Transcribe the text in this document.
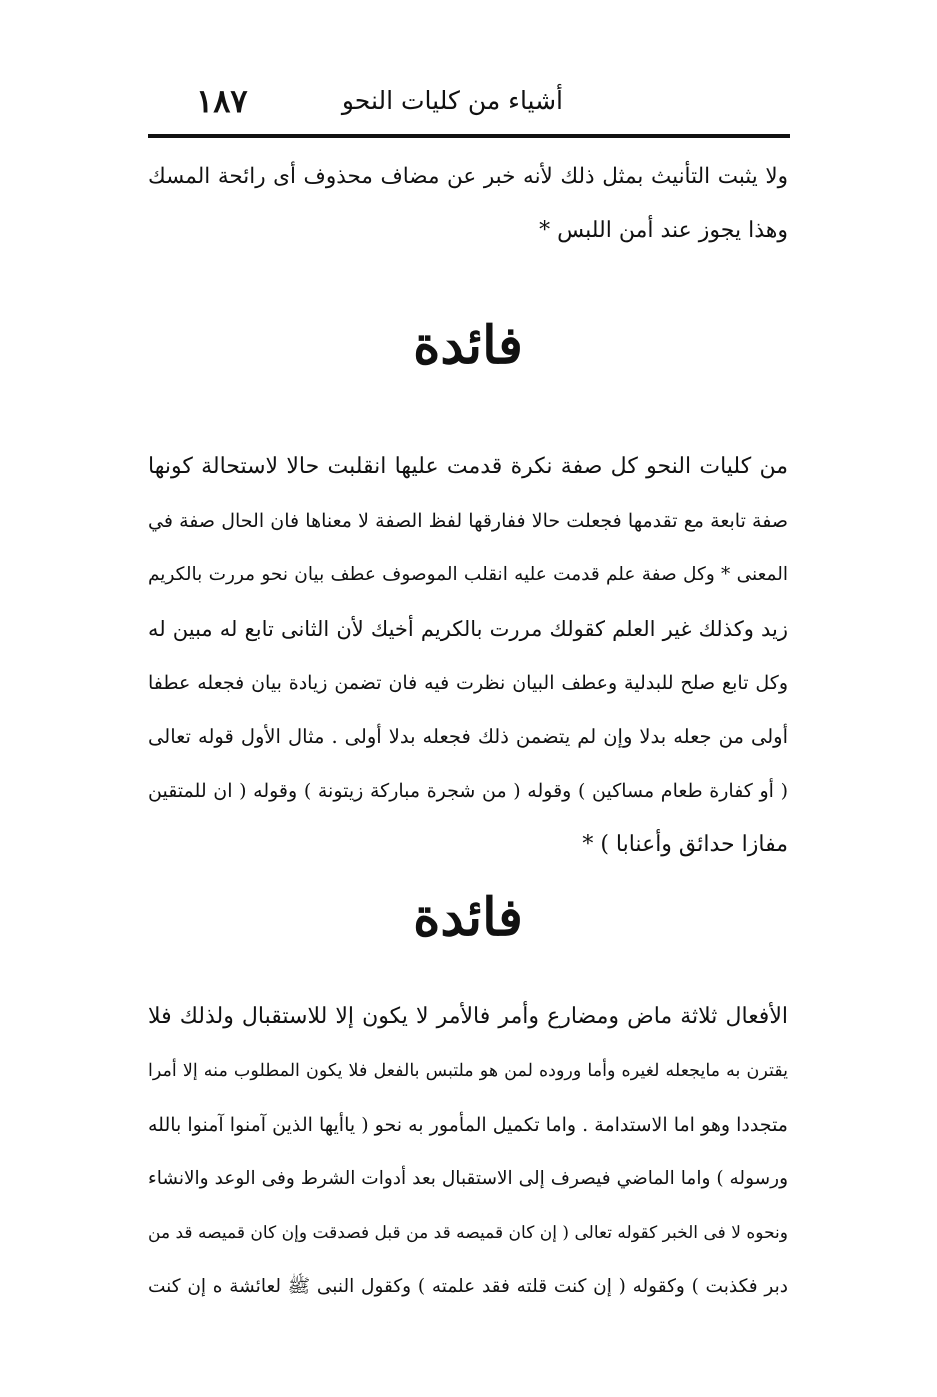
أشياء من كليات النحو
١٨٧
ولا يثبت التأنيث بمثل ذلك لأنه خبر عن مضاف محذوف أى رائحة المسك
وهذا يجوز عند أمن اللبس *
فائدة
من كليات النحو كل صفة نكرة قدمت عليها انقلبت حالا لاستحالة كونها
صفة تابعة مع تقدمها فجعلت حالا ففارقها لفظ الصفة لا معناها فان الحال صفة في
المعنى * وكل صفة علم قدمت عليه انقلب الموصوف عطف بيان نحو مررت بالكريم
زيد وكذلك غير العلم كقولك مررت بالكريم أخيك لأن الثانى تابع له مبين له
وكل تابع صلح للبدلية وعطف البيان نظرت فيه فان تضمن زيادة بيان فجعله عطفا
أولى من جعله بدلا وإن لم يتضمن ذلك فجعله بدلا أولى . مثال الأول قوله تعالى
( أو كفارة طعام مساكين ) وقوله ( من شجرة مباركة زيتونة ) وقوله ( ان للمتقين
مفازا حدائق وأعنابا ) *
فائدة
الأفعال ثلاثة ماض ومضارع وأمر فالأمر لا يكون إلا للاستقبال ولذلك فلا
يقترن به مايجعله لغيره وأما وروده لمن هو ملتبس بالفعل فلا يكون المطلوب منه إلا أمرا
متجددا وهو اما الاستدامة . واما تكميل المأمور به نحو ( ياأيها الذين آمنوا آمنوا بالله
ورسوله ) واما الماضي فيصرف إلى الاستقبال بعد أدوات الشرط وفى الوعد والانشاء
ونحوه لا فى الخبر كقوله تعالى ( إن كان قميصه قد من قبل فصدقت وإن كان قميصه قد من
دبر فكذبت ) وكقوله ( إن كنت قلته فقد علمته ) وكقول النبى ﷺ لعائشة ه إن كنت
